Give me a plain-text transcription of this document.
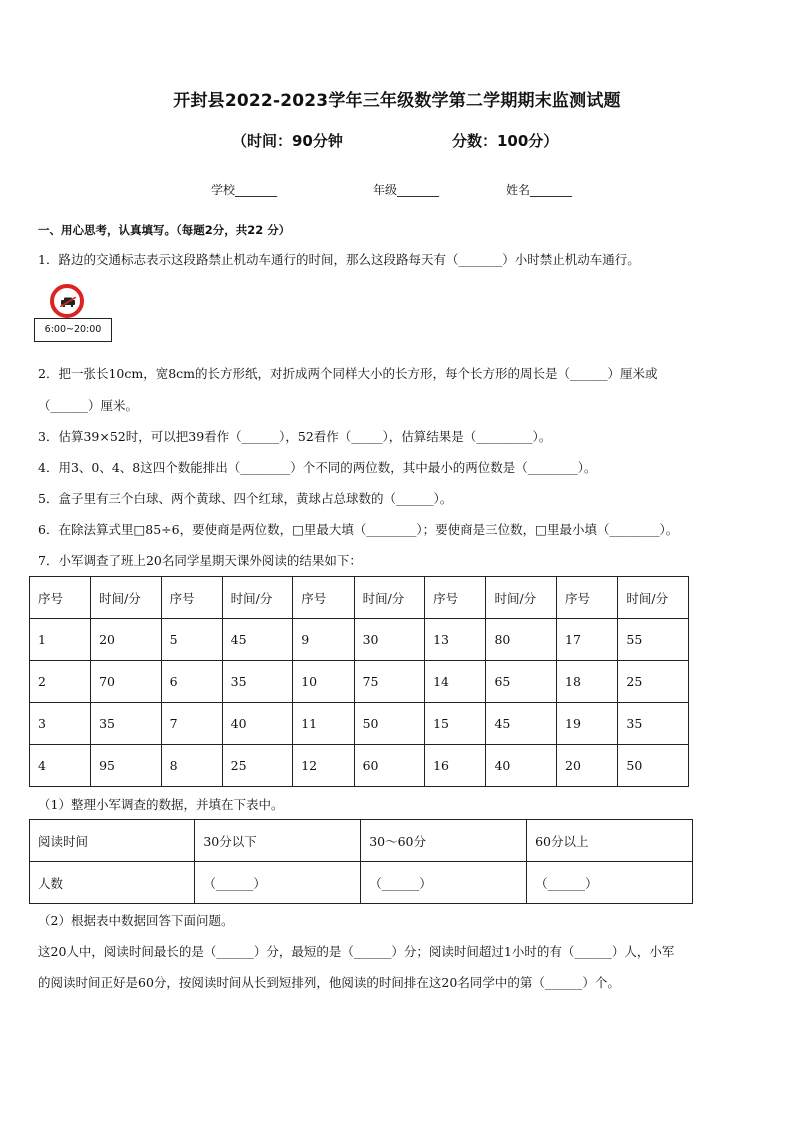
开封县2022-2023学年三年级数学第二学期期末监测试题
（时间：90分钟	分数：100分）
学校_______	年级_______	姓名_______
一、用心思考，认真填写。（每题2分，共22 分）
1．路边的交通标志表示这段路禁止机动车通行的时间，那么这段路每天有（_______）小时禁止机动车通行。
6:00~20:00
2．把一张长10cm，宽8cm的长方形纸，对折成两个同样大小的长方形，每个长方形的周长是（______）厘米或
（______）厘米。
3．估算39×52时，可以把39看作（______），52看作（_____），估算结果是（_________）。
4．用3、0、4、8这四个数能排出（________）个不同的两位数，其中最小的两位数是（________）。
5．盒子里有三个白球、两个黄球、四个红球，黄球占总球数的（______）。
6．在除法算式里□85÷6，要使商是两位数，□里最大填（________）；要使商是三位数，□里最小填（________）。
7．小军调查了班上20名同学星期天课外阅读的结果如下：
序号	时间/分	序号	时间/分	序号	时间/分	序号	时间/分	序号	时间/分
1	20	5	45	9	30	13	80	17	55
2	70	6	35	10	75	14	65	18	25
3	35	7	40	11	50	15	45	19	35
4	95	8	25	12	60	16	40	20	50
（1）整理小军调查的数据，并填在下表中。
阅读时间	30分以下	30～60分	60分以上
人数	（______）	（______）	（______）
（2）根据表中数据回答下面问题。
这20人中，阅读时间最长的是（______）分，最短的是（______）分；阅读时间超过1小时的有（______）人，小军
的阅读时间正好是60分，按阅读时间从长到短排列，他阅读的时间排在这20名同学中的第（______）个。
